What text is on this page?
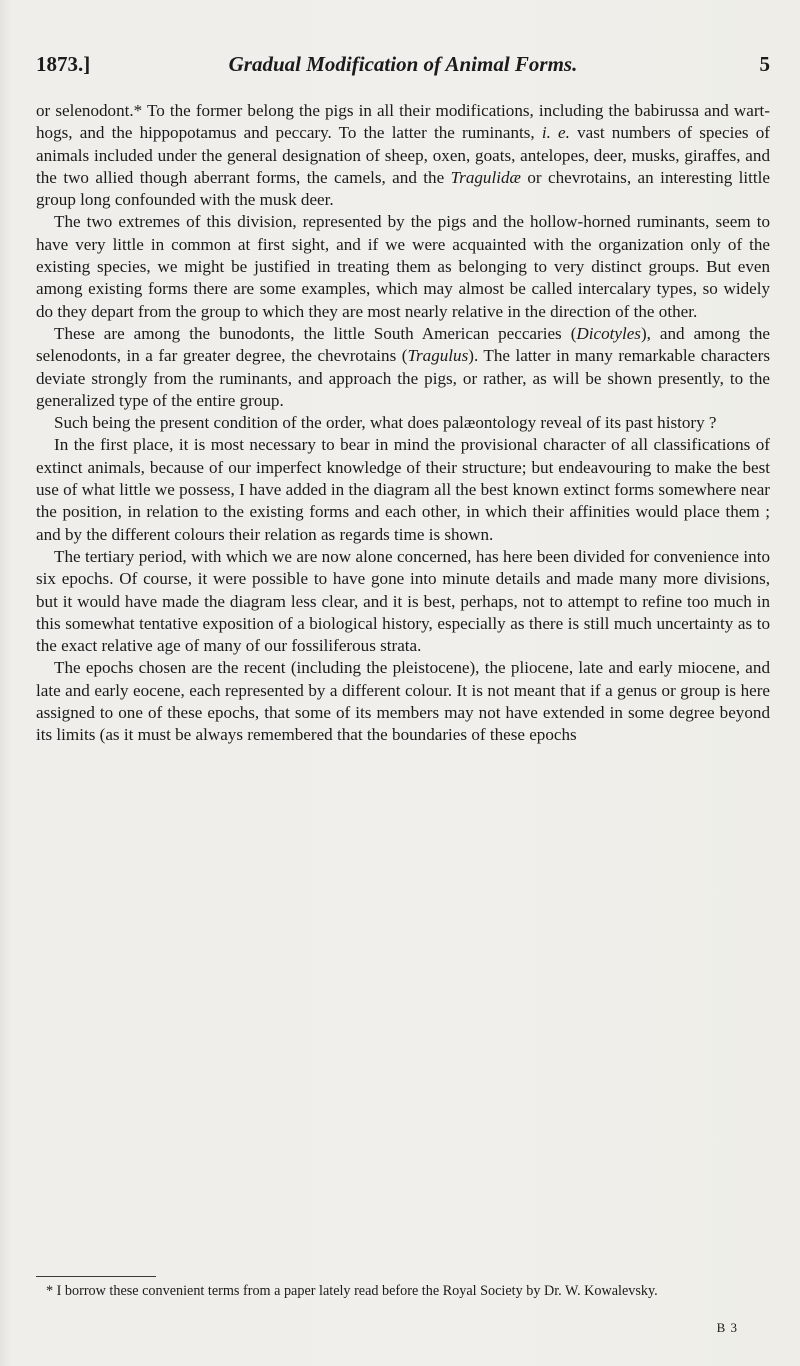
1873.]	Gradual Modification of Animal Forms.	5

or selenodont.* To the former belong the pigs in all their modifications, including the babirussa and wart-hogs, and the hippopotamus and peccary. To the latter the ruminants, i. e. vast numbers of species of animals included under the general designation of sheep, oxen, goats, antelopes, deer, musks, giraffes, and the two allied though aberrant forms, the camels, and the Tragulidæ or chevrotains, an interesting little group long confounded with the musk deer.

The two extremes of this division, represented by the pigs and the hollow-horned ruminants, seem to have very little in common at first sight, and if we were acquainted with the organization only of the existing species, we might be justified in treating them as belonging to very distinct groups. But even among existing forms there are some examples, which may almost be called intercalary types, so widely do they depart from the group to which they are most nearly relative in the direction of the other.

These are among the bunodonts, the little South American peccaries (Dicotyles), and among the selenodonts, in a far greater degree, the chevrotains (Tragulus). The latter in many remarkable characters deviate strongly from the ruminants, and approach the pigs, or rather, as will be shown presently, to the generalized type of the entire group.

Such being the present condition of the order, what does palæontology reveal of its past history ?

In the first place, it is most necessary to bear in mind the provisional character of all classifications of extinct animals, because of our imperfect knowledge of their structure; but endeavouring to make the best use of what little we possess, I have added in the diagram all the best known extinct forms somewhere near the position, in relation to the existing forms and each other, in which their affinities would place them ; and by the different colours their relation as regards time is shown.

The tertiary period, with which we are now alone concerned, has here been divided for convenience into six epochs. Of course, it were possible to have gone into minute details and made many more divisions, but it would have made the diagram less clear, and it is best, perhaps, not to attempt to refine too much in this somewhat tentative exposition of a biological history, especially as there is still much uncertainty as to the exact relative age of many of our fossiliferous strata.

The epochs chosen are the recent (including the pleistocene), the pliocene, late and early miocene, and late and early eocene, each represented by a different colour. It is not meant that if a genus or group is here assigned to one of these epochs, that some of its members may not have extended in some degree beyond its limits (as it must be always remembered that the boundaries of these epochs

* I borrow these convenient terms from a paper lately read before the Royal Society by Dr. W. Kowalevsky.

B 3
